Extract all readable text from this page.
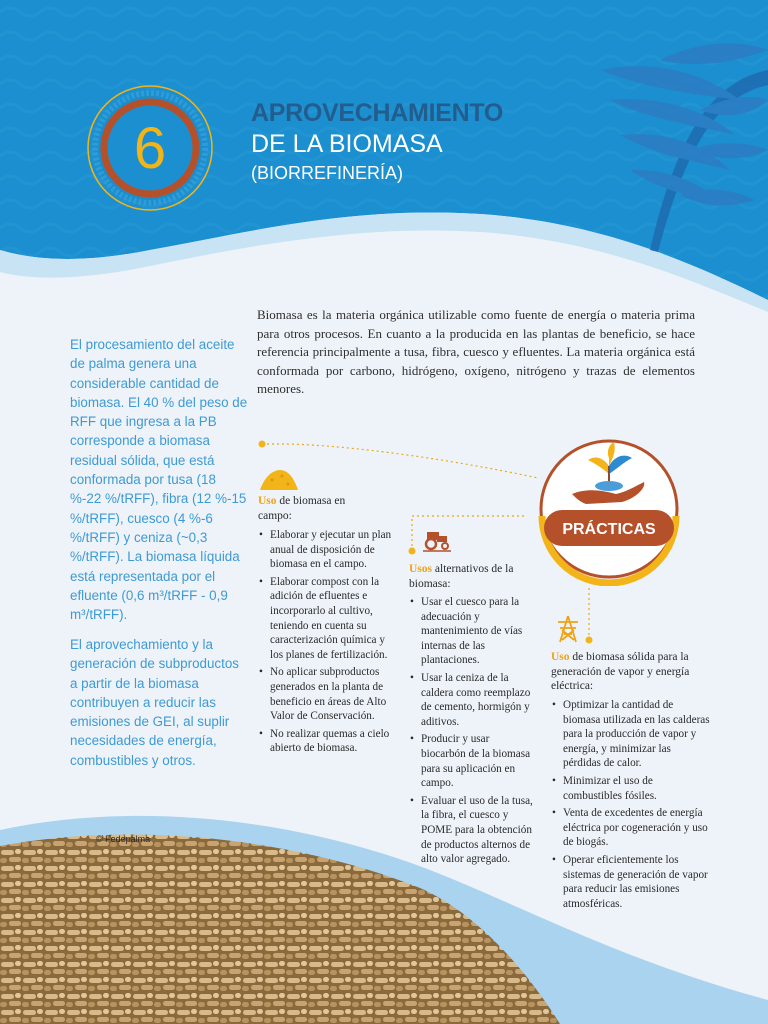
6
APROVECHAMIENTO
DE LA BIOMASA
(BIORREFINERÍA)
Biomasa es la materia orgánica utilizable como fuente de energía o materia prima para otros procesos. En cuanto a la producida en las plantas de beneficio, se hace referencia principalmente a tusa, fibra, cuesco y efluentes. La materia orgánica está conformada por carbono, hidrógeno, oxígeno, nitrógeno y trazas de elementos menores.
El procesamiento del aceite de palma genera una considerable cantidad de biomasa. El 40 % del peso de RFF que ingresa a la PB corresponde a biomasa residual sólida, que está conformada por tusa (18 %-22 %/tRFF), fibra (12 %-15 %/tRFF), cuesco (4 %-6 %/tRFF) y ceniza (~0,3 %/tRFF). La biomasa líquida está representada por el efluente (0,6 m³/tRFF - 0,9 m³/tRFF).
El aprovechamiento y la generación de subproductos a partir de la biomasa contribuyen a reducir las emisiones de GEI, al suplir necesidades de energía, combustibles y otros.
PRÁCTICAS
Uso de biomasa en campo:
• Elaborar y ejecutar un plan anual de disposición de biomasa en el campo.
• Elaborar compost con la adición de efluentes e incorporarlo al cultivo, teniendo en cuenta su caracterización química y los planes de fertilización.
• No aplicar subproductos generados en la planta de beneficio en áreas de Alto Valor de Conservación.
• No realizar quemas a cielo abierto de biomasa.
Usos alternativos de la biomasa:
• Usar el cuesco para la adecuación y mantenimiento de vías internas de las plantaciones.
• Usar la ceniza de la caldera como reemplazo de cemento, hormigón y aditivos.
• Producir y usar biocarbón de la biomasa para su aplicación en campo.
• Evaluar el uso de la tusa, la fibra, el cuesco y POME para la obtención de productos alternos de alto valor agregado.
Uso de biomasa sólida para la generación de vapor y energía eléctrica:
• Optimizar la cantidad de biomasa utilizada en las calderas para la producción de vapor y energía, y minimizar las pérdidas de calor.
• Minimizar el uso de combustibles fósiles.
• Venta de excedentes de energía eléctrica por cogeneración y uso de biogás.
• Operar eficientemente los sistemas de generación de vapor para reducir las emisiones atmosféricas.
© Fedepalma
